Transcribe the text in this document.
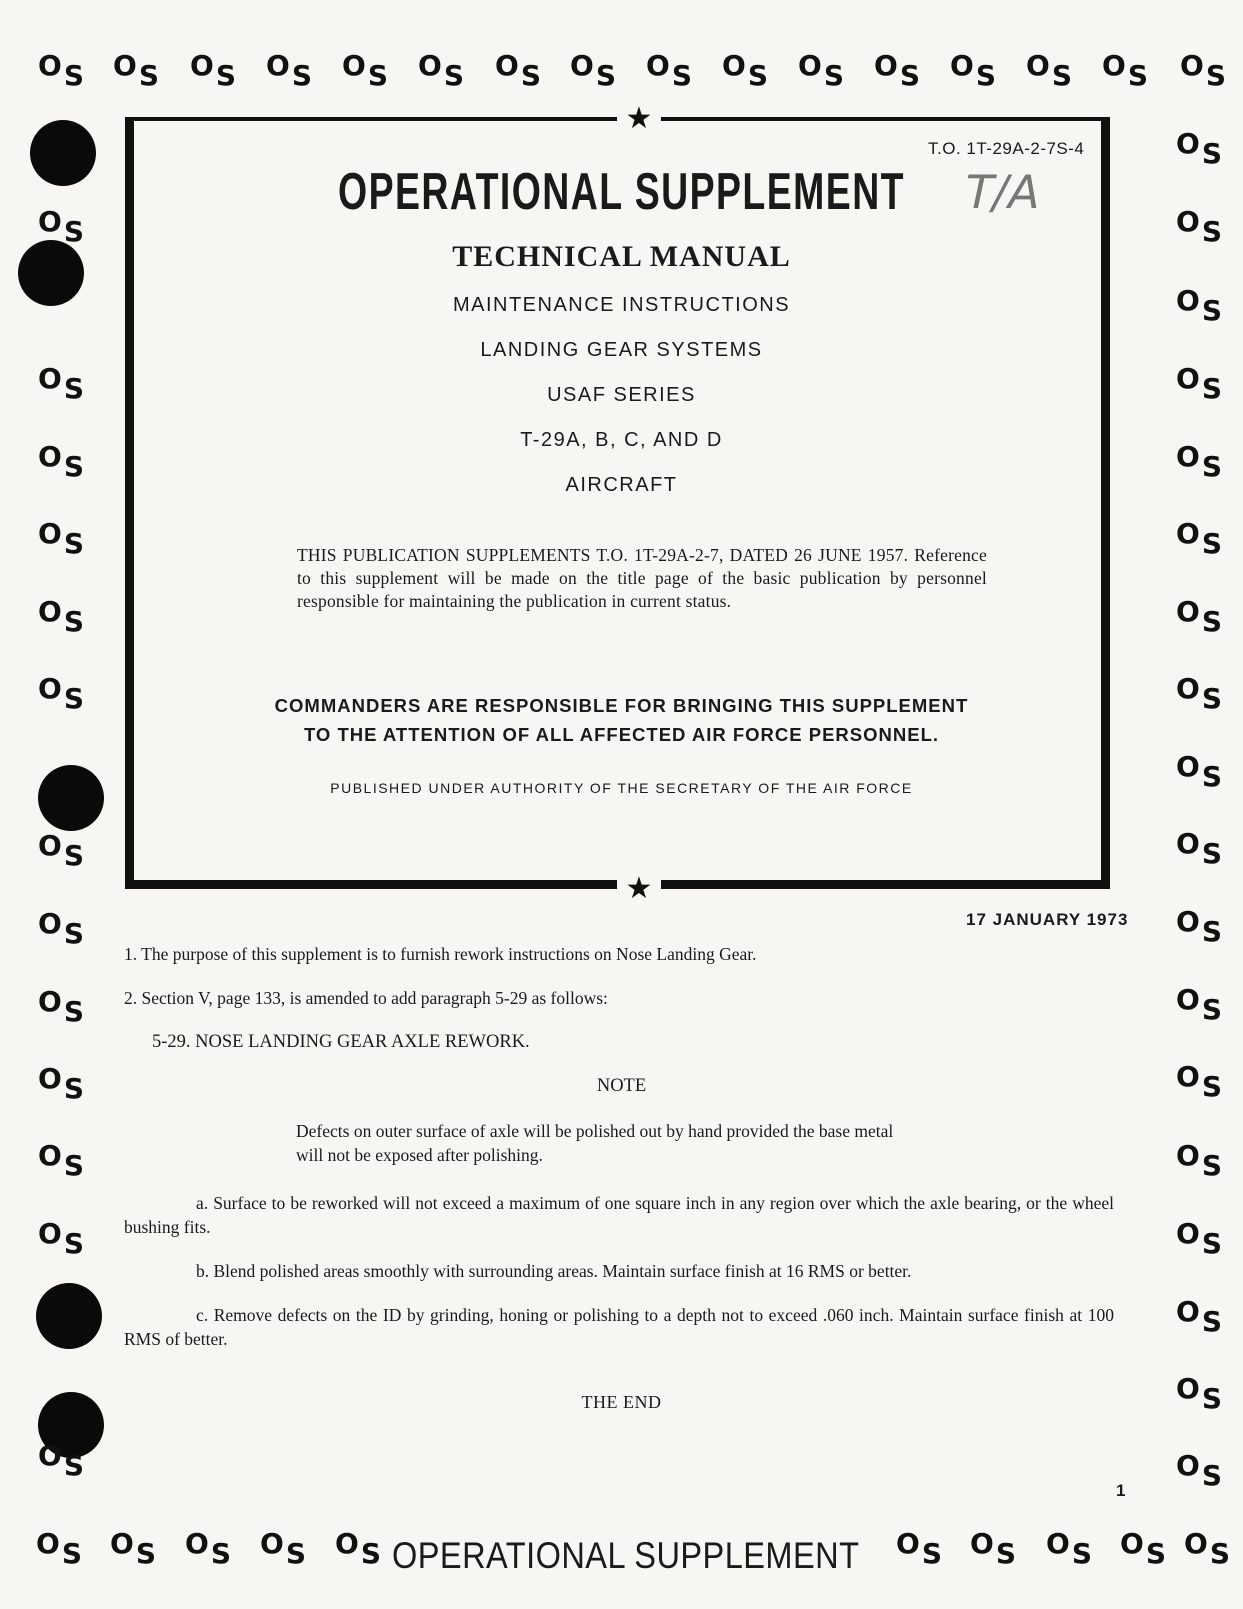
OS OS OS OS OS OS OS OS OS OS OS OS OS OS OS OS
OS
OS
OS
OS
OS
OS
OS
OS
OS
OS
OS
OS
OS
OS
OS
OS
OS
OS
OS
OS
OS
OS
OS
OS
OS
OS
OS
OS
OS
OS
OS
OS OS OS OS OS	OS OS OS OS OS
★
★
T.O. 1T-29A-2-7S-4
T/A
OPERATIONAL SUPPLEMENT
TECHNICAL MANUAL
MAINTENANCE INSTRUCTIONS
LANDING GEAR SYSTEMS
USAF SERIES
T-29A, B, C, AND D
AIRCRAFT
THIS PUBLICATION SUPPLEMENTS T.O. 1T-29A-2-7, DATED 26 JUNE 1957. Reference to this supplement will be made on the title page of the basic publication by personnel responsible for maintaining the publication in current status.
COMMANDERS ARE RESPONSIBLE FOR BRINGING THIS SUPPLEMENT
TO THE ATTENTION OF ALL AFFECTED AIR FORCE PERSONNEL.
PUBLISHED UNDER AUTHORITY OF THE SECRETARY OF THE AIR FORCE
17 JANUARY 1973
1. The purpose of this supplement is to furnish rework instructions on Nose Landing Gear.
2. Section V, page 133, is amended to add paragraph 5-29 as follows:
5-29. NOSE LANDING GEAR AXLE REWORK.
NOTE
Defects on outer surface of axle will be polished out by hand provided the base metal will not be exposed after polishing.
a. Surface to be reworked will not exceed a maximum of one square inch in any region over which the axle bearing, or the wheel bushing fits.
b. Blend polished areas smoothly with surrounding areas. Maintain surface finish at 16 RMS or better.
c. Remove defects on the ID by grinding, honing or polishing to a depth not to exceed .060 inch. Maintain surface finish at 100 RMS of better.
THE END
1
OPERATIONAL SUPPLEMENT
